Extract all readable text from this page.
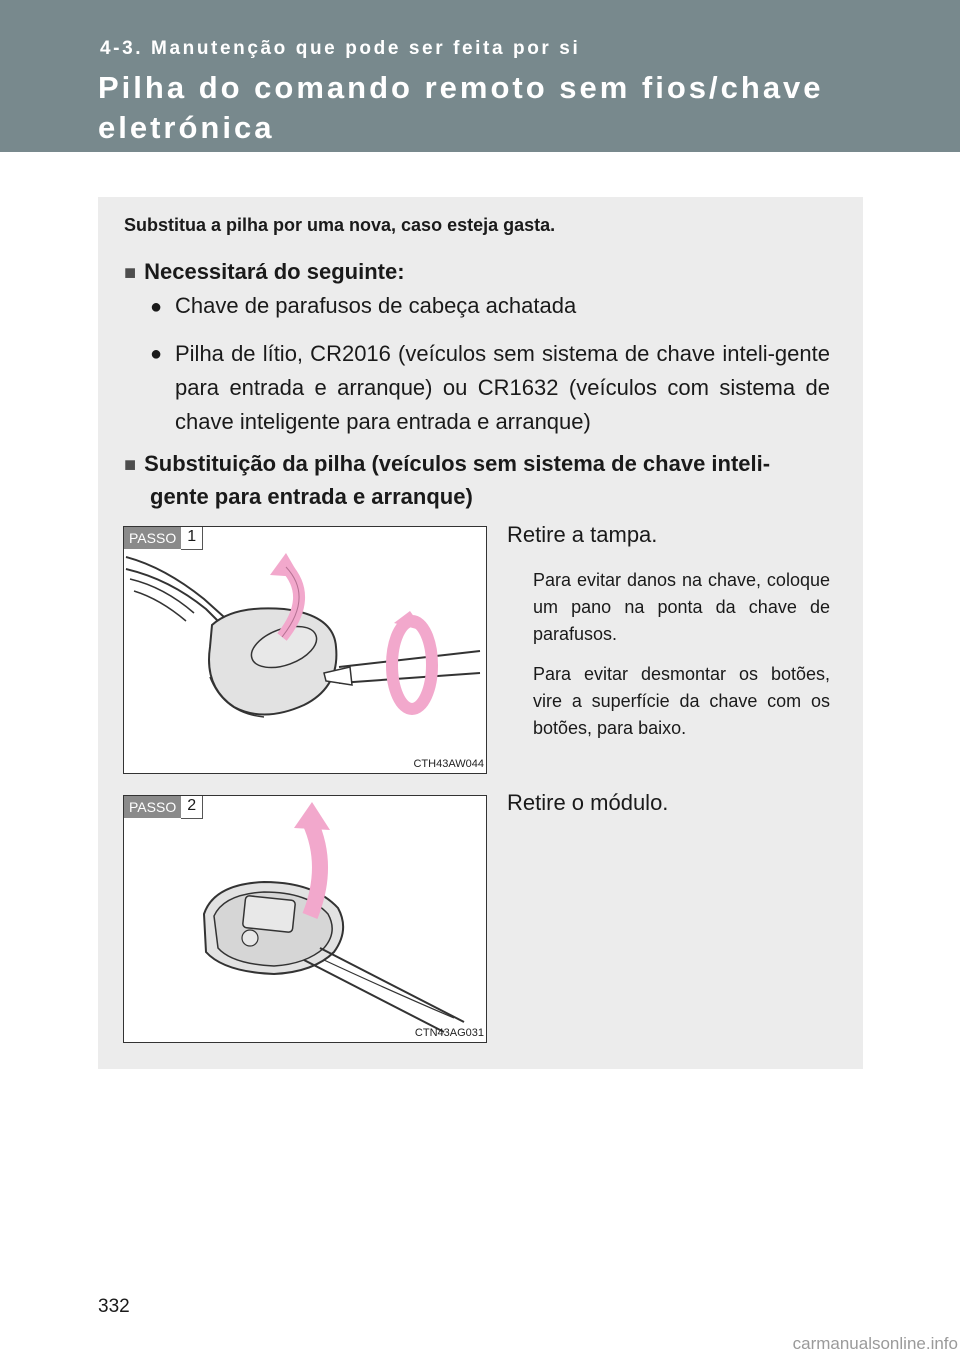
4-3. Manutenção que pode ser feita por si
Pilha do comando remoto sem fios/chave eletrónica
Substitua a pilha por uma nova, caso esteja gasta.
■ Necessitará do seguinte:
● Chave de parafusos de cabeça achatada
● Pilha de lítio, CR2016 (veículos sem sistema de chave inteli-gente para entrada e arranque) ou CR1632 (veículos com sistema de chave inteligente para entrada e arranque)
■ Substituição da pilha (veículos sem sistema de chave inteli-
gente para entrada e arranque)
PASSO 1
CTH43AW044
Retire a tampa.
Para evitar danos na chave, coloque um pano na ponta da chave de parafusos.
Para evitar desmontar os botões, vire a superfície da chave com os botões, para baixo.
PASSO 2
CTN43AG031
Retire o módulo.
332
carmanualsonline.info
